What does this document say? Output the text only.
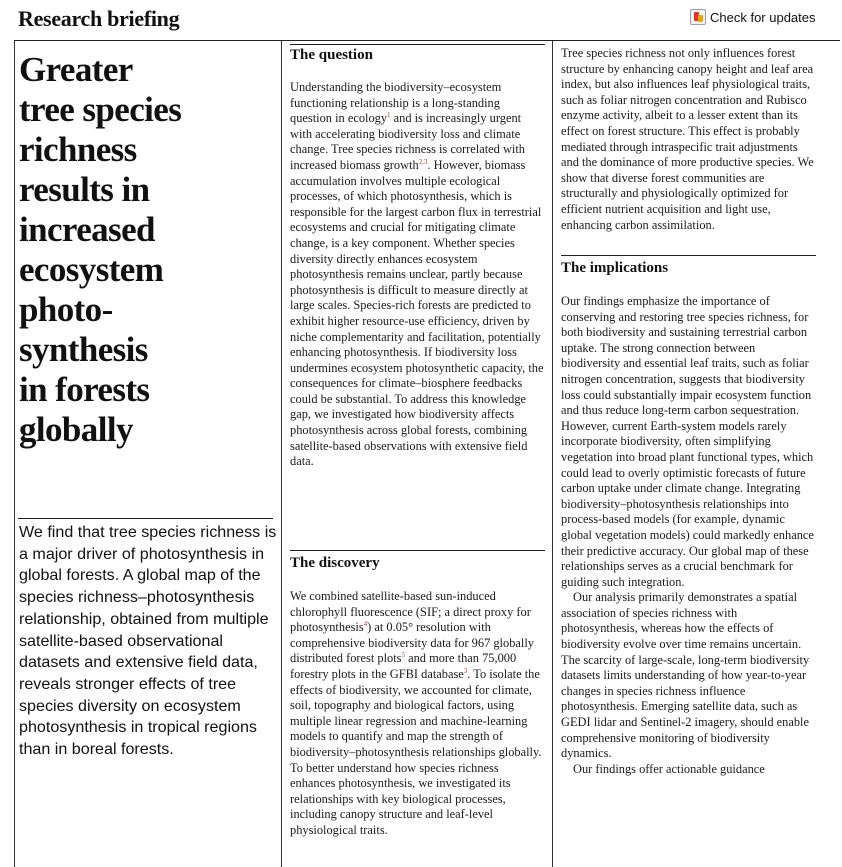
Research briefing	Check for updates
Greater
tree species
richness
results in
increased
ecosystem
photo-
synthesis
in forests
globally

We find that tree species richness is a major driver of photosynthesis in global forests. A global map of the species richness–photosynthesis relationship, obtained from multiple satellite-based observational datasets and extensive field data, reveals stronger effects of tree species diversity on ecosystem photosynthesis in tropical regions than in boreal forests.

The question

Understanding the biodiversity–ecosystem functioning relationship is a long-standing question in ecology$^1$ and is increasingly urgent with accelerating biodiversity loss and climate change. Tree species richness is correlated with increased biomass growth$^{2,3}$. However, biomass accumulation involves multiple ecological processes, of which photosynthesis, which is responsible for the largest carbon flux in terrestrial ecosystems and crucial for mitigating climate change, is a key component. Whether species diversity directly enhances ecosystem photosynthesis remains unclear, partly because photosynthesis is difficult to measure directly at large scales. Species-rich forests are predicted to exhibit higher resource-use efficiency, driven by niche complementarity and facilitation, potentially enhancing photosynthesis. If biodiversity loss undermines ecosystem photosynthetic capacity, the consequences for climate–biosphere feedbacks could be substantial. To address this knowledge gap, we investigated how biodiversity affects photosynthesis across global forests, combining satellite-based observations with extensive field data.

The discovery

We combined satellite-based sun-induced chlorophyll fluorescence (SIF; a direct proxy for photosynthesis$^4$) at 0.05° resolution with comprehensive biodiversity data for 967 globally distributed forest plots$^5$ and more than 75,000 forestry plots in the GFBI database$^3$. To isolate the effects of biodiversity, we accounted for climate, soil, topography and biological factors, using multiple linear regression and machine-learning models to quantify and map the strength of biodiversity–photosynthesis relationships globally. To better understand how species richness enhances photosynthesis, we investigated its relationships with key biological processes, including canopy structure and leaf-level physiological traits.

Tree species richness not only influences forest structure by enhancing canopy height and leaf area index, but also influences leaf physiological traits, such as foliar nitrogen concentration and Rubisco enzyme activity, albeit to a lesser extent than its effect on forest structure. This effect is probably mediated through intraspecific trait adjustments and the dominance of more productive species. We show that diverse forest communities are structurally and physiologically optimized for efficient nutrient acquisition and light use, enhancing carbon assimilation.

The implications

Our findings emphasize the importance of conserving and restoring tree species richness, for both biodiversity and sustaining terrestrial carbon uptake. The strong connection between biodiversity and essential leaf traits, such as foliar nitrogen concentration, suggests that biodiversity loss could substantially impair ecosystem function and thus reduce long-term carbon sequestration. However, current Earth-system models rarely incorporate biodiversity, often simplifying vegetation into broad plant functional types, which could lead to overly optimistic forecasts of future carbon uptake under climate change. Integrating biodiversity–photosynthesis relationships into process-based models (for example, dynamic global vegetation models) could markedly enhance their predictive accuracy. Our global map of these relationships serves as a crucial benchmark for guiding such integration.

Our analysis primarily demonstrates a spatial association of species richness with photosynthesis, whereas how the effects of biodiversity evolve over time remains uncertain. The scarcity of large-scale, long-term biodiversity datasets limits understanding of how year-to-year changes in species richness influence photosynthesis. Emerging satellite data, such as GEDI lidar and Sentinel-2 imagery, should enable comprehensive monitoring of biodiversity dynamics.

Our findings offer actionable guidance
